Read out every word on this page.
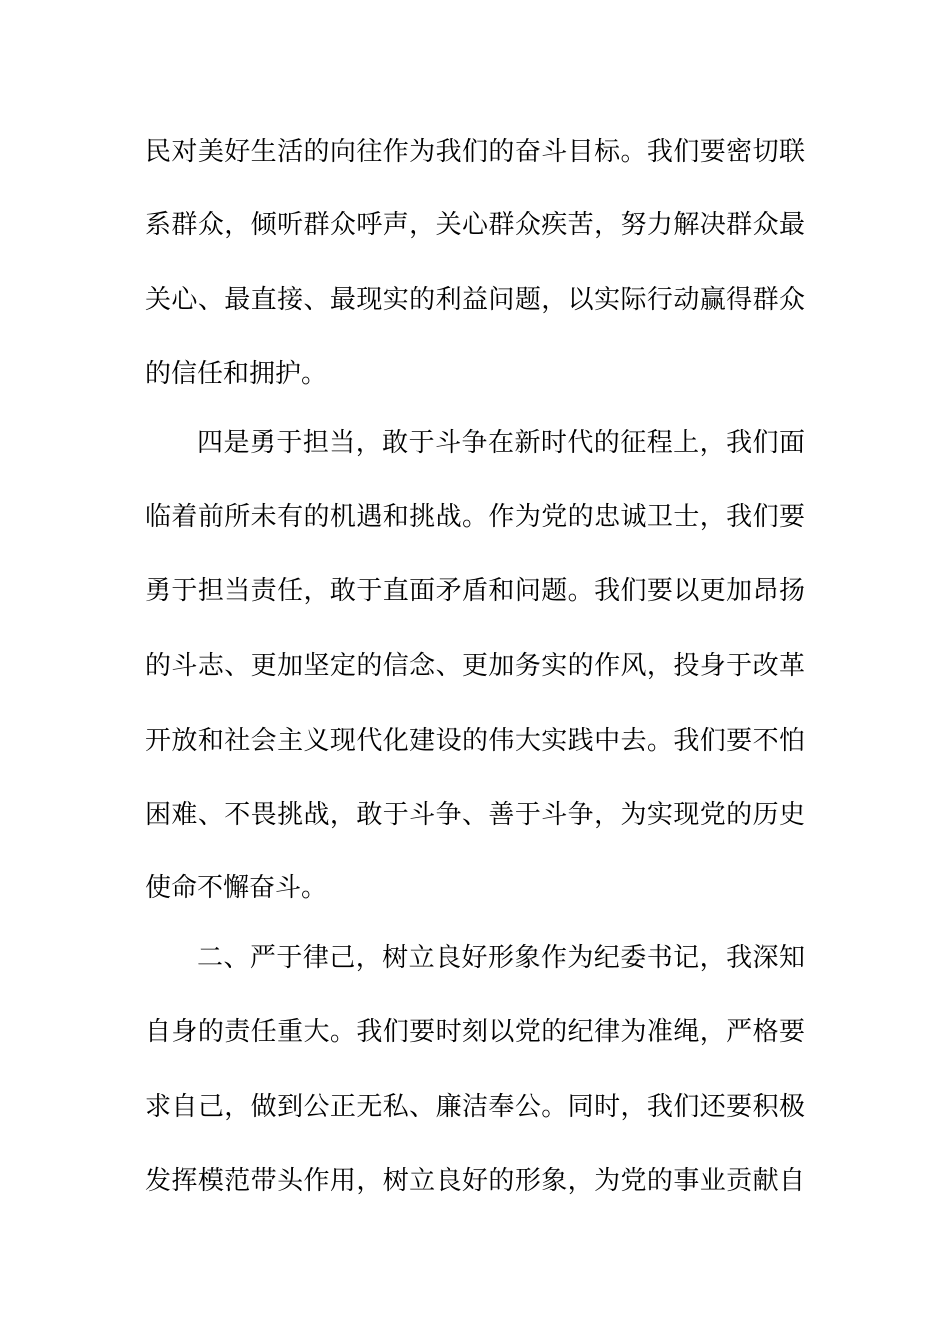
民对美好生活的向往作为我们的奋斗目标。我们要密切联
系群众，倾听群众呼声，关心群众疾苦，努力解决群众最
关心、最直接、最现实的利益问题，以实际行动赢得群众
的信任和拥护。
四是勇于担当，敢于斗争在新时代的征程上，我们面
临着前所未有的机遇和挑战。作为党的忠诚卫士，我们要
勇于担当责任，敢于直面矛盾和问题。我们要以更加昂扬
的斗志、更加坚定的信念、更加务实的作风，投身于改革
开放和社会主义现代化建设的伟大实践中去。我们要不怕
困难、不畏挑战，敢于斗争、善于斗争，为实现党的历史
使命不懈奋斗。
二、严于律己，树立良好形象作为纪委书记，我深知
自身的责任重大。我们要时刻以党的纪律为准绳，严格要
求自己，做到公正无私、廉洁奉公。同时，我们还要积极
发挥模范带头作用，树立良好的形象，为党的事业贡献自
